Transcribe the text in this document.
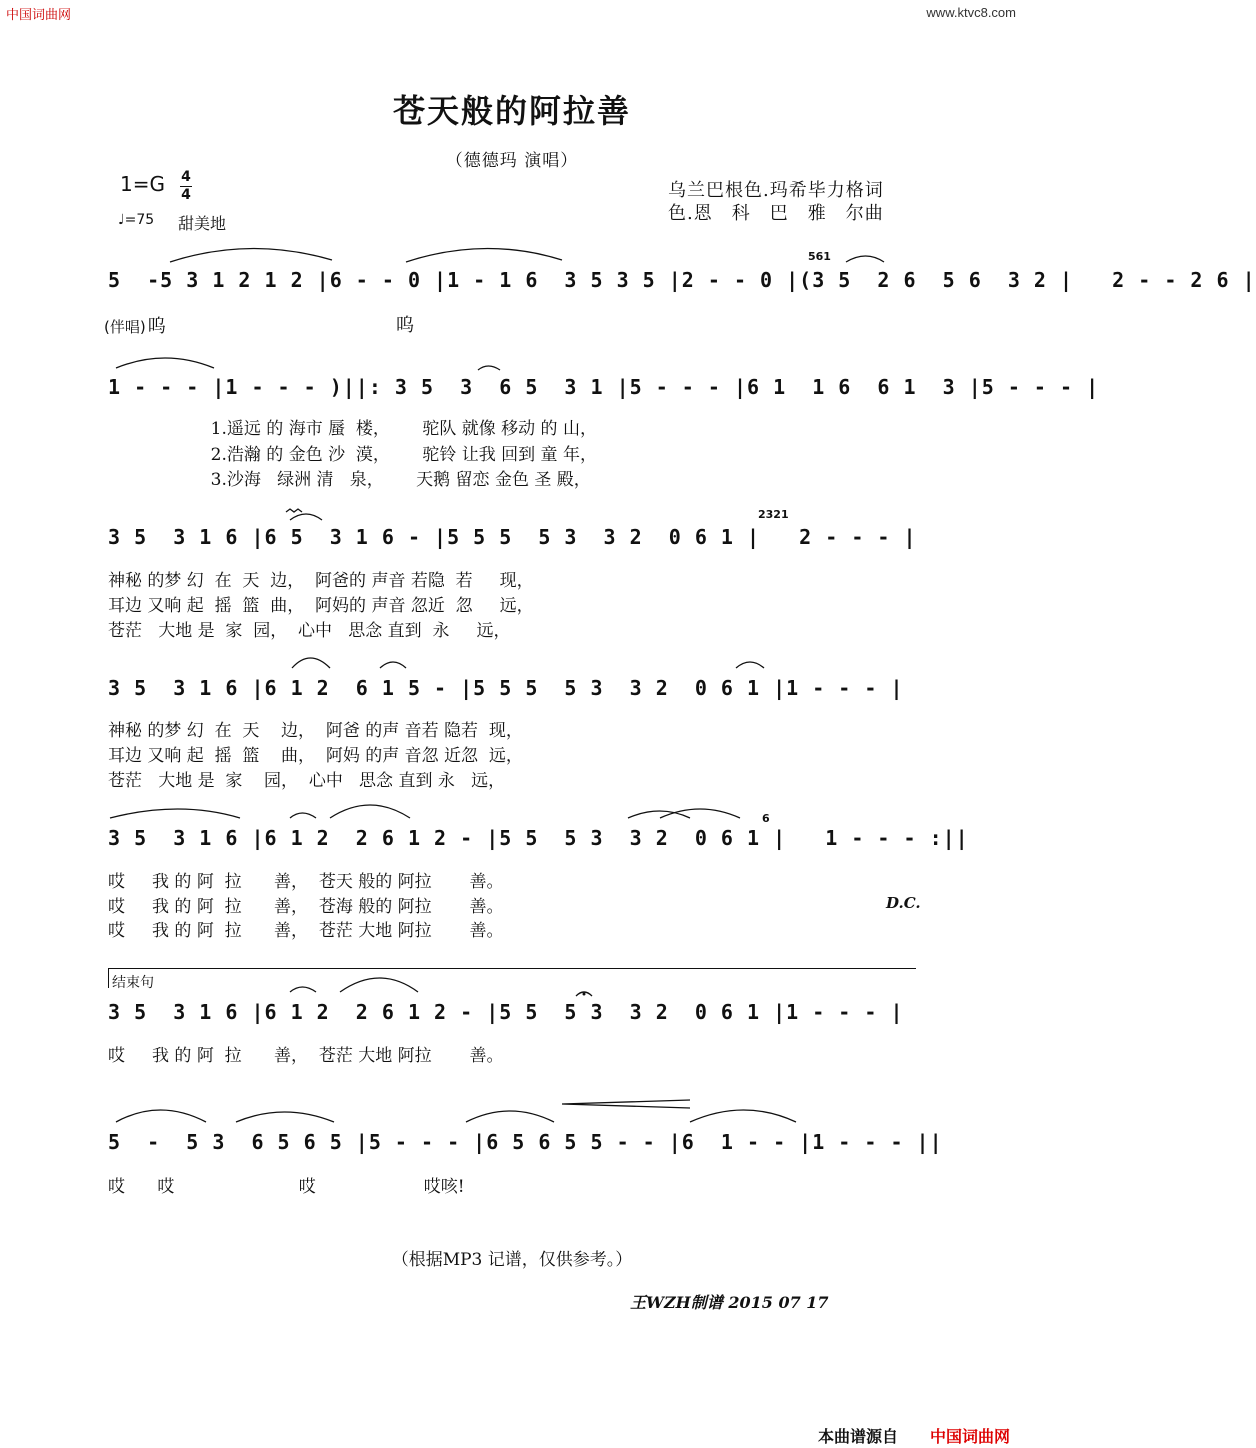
中国词曲网	www.ktvc8.com
苍天般的阿拉善
（德德玛 演唱）
1=G 4
4
♩=75 甜美地
乌兰巴根色.玛希毕力格词
色.恩　科　巴　雅　尔曲
5  -5 3 1 2 1 2 |6 - - 0 |1 - 1 6  3 5 3 5 |2 - - 0 |(3 5  2 6  5 6  3 2 |   2 - - 2 6 |
561
(伴唱) 呜	呜
1 - - - |1 - - - )||: 3 5  3  6 5  3 1 |5 - - - |6 1  1 6  6 1  3 |5 - - - |
1.遥远 的 海市 蜃  楼，      驼队 就像 移动 的 山，
2.浩瀚 的 金色 沙  漠，      驼铃 让我 回到 童 年，
3.沙海   绿洲 清   泉，      天鹅 留恋 金色 圣 殿，
3 5  3 1 6 |6 5  3 1 6 - |5 5 5  5 3  3 2  0 6 1 |   2 - - - |
2321
神秘 的梦 幻  在  天  边，  阿爸的 声音 若隐  若     现，
耳边 又响 起  摇  篮  曲，  阿妈的 声音 忽近  忽     远，
苍茫   大地 是  家  园，  心中   思念 直到  永     远，
3 5  3 1 6 |6 1 2  6 1 5 - |5 5 5  5 3  3 2  0 6 1 |1 - - - |
神秘 的梦 幻  在  天    边，  阿爸 的声 音若 隐若  现，
耳边 又响 起  摇  篮    曲，  阿妈 的声 音忽 近忽  远，
苍茫   大地 是  家    园，  心中   思念 直到 永   远，
3 5  3 1 6 |6 1 2  2 6 1 2 - |5 5  5 3  3 2  0 6 1 |   1 - - - :||
6
哎     我 的 阿  拉      善，  苍天 般的 阿拉       善。
哎     我 的 阿  拉      善，  苍海 般的 阿拉       善。
哎     我 的 阿  拉      善，  苍茫 大地 阿拉       善。
D.C.
结束句
3 5  3 1 6 |6 1 2  2 6 1 2 - |5 5  5 3  3 2  0 6 1 |1 - - - |
哎     我 的 阿  拉      善，  苍茫 大地 阿拉       善。
5  -  5 3  6 5 6 5 |5 - - - |6 5 6 5 5 - - |6  1 - - |1 - - - ||
哎      哎                       哎                    哎咳!
（根据MP3 记谱，仅供参考。）
王WZH制谱 2015 07 17
本曲谱源自 中国词曲网
